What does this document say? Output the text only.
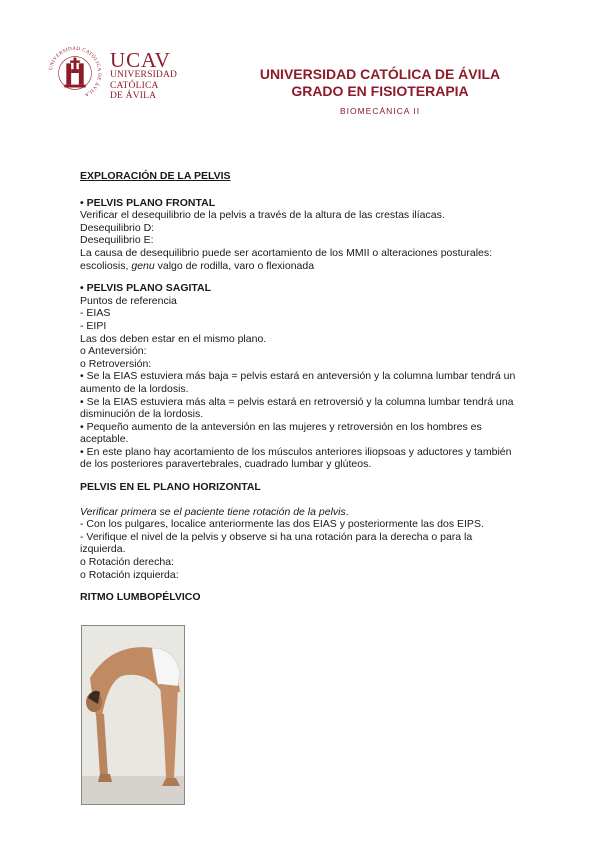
UNIVERSIDAD CATÓLICA DE ÁVILA
UCAV
UNIVERSIDAD
CATÓLICA
DE ÁVILA
UNIVERSIDAD CATÓLICA DE ÁVILA
GRADO EN FISIOTERAPIA
BIOMECÁNICA II

EXPLORACIÓN DE LA PELVIS

• PELVIS PLANO FRONTAL

Verificar el desequilibrio de la pelvis a través de la altura de las crestas ilíacas.

Desequilibrio D:

Desequilibrio E:

La causa de desequilibrio puede ser acortamiento de los MMII o alteraciones posturales: escoliosis, genu valgo de rodilla, varo o flexionada

• PELVIS PLANO SAGITAL

Puntos de referencia

- EIAS

- EIPI

Las dos deben estar en el mismo plano.

o Anteversión:

o Retroversión:

• Se la EIAS estuviera más baja = pelvis estará en anteversión y la columna lumbar tendrá un aumento de la lordosis.

• Se la EIAS estuviera más alta = pelvis estará en retroversió y la columna lumbar tendrá una disminución de la lordosis.

• Pequeño aumento de la anteversión en las mujeres y retroversión en los hombres es aceptable.

• En este plano hay acortamiento de los músculos anteriores iliopsoas y aductores y también de los posteriores paravertebrales, cuadrado lumbar y glúteos.

PELVIS EN EL PLANO HORIZONTAL

Verificar primera se el paciente tiene rotación de la pelvis.

- Con los pulgares, localice anteriormente las dos EIAS y posteriormente las dos EIPS.

- Verifique el nivel de la pelvis y observe si ha una rotación para la derecha o para la izquierda.

o Rotación derecha:

o Rotación izquierda:

RITMO LUMBOPÉLVICO
